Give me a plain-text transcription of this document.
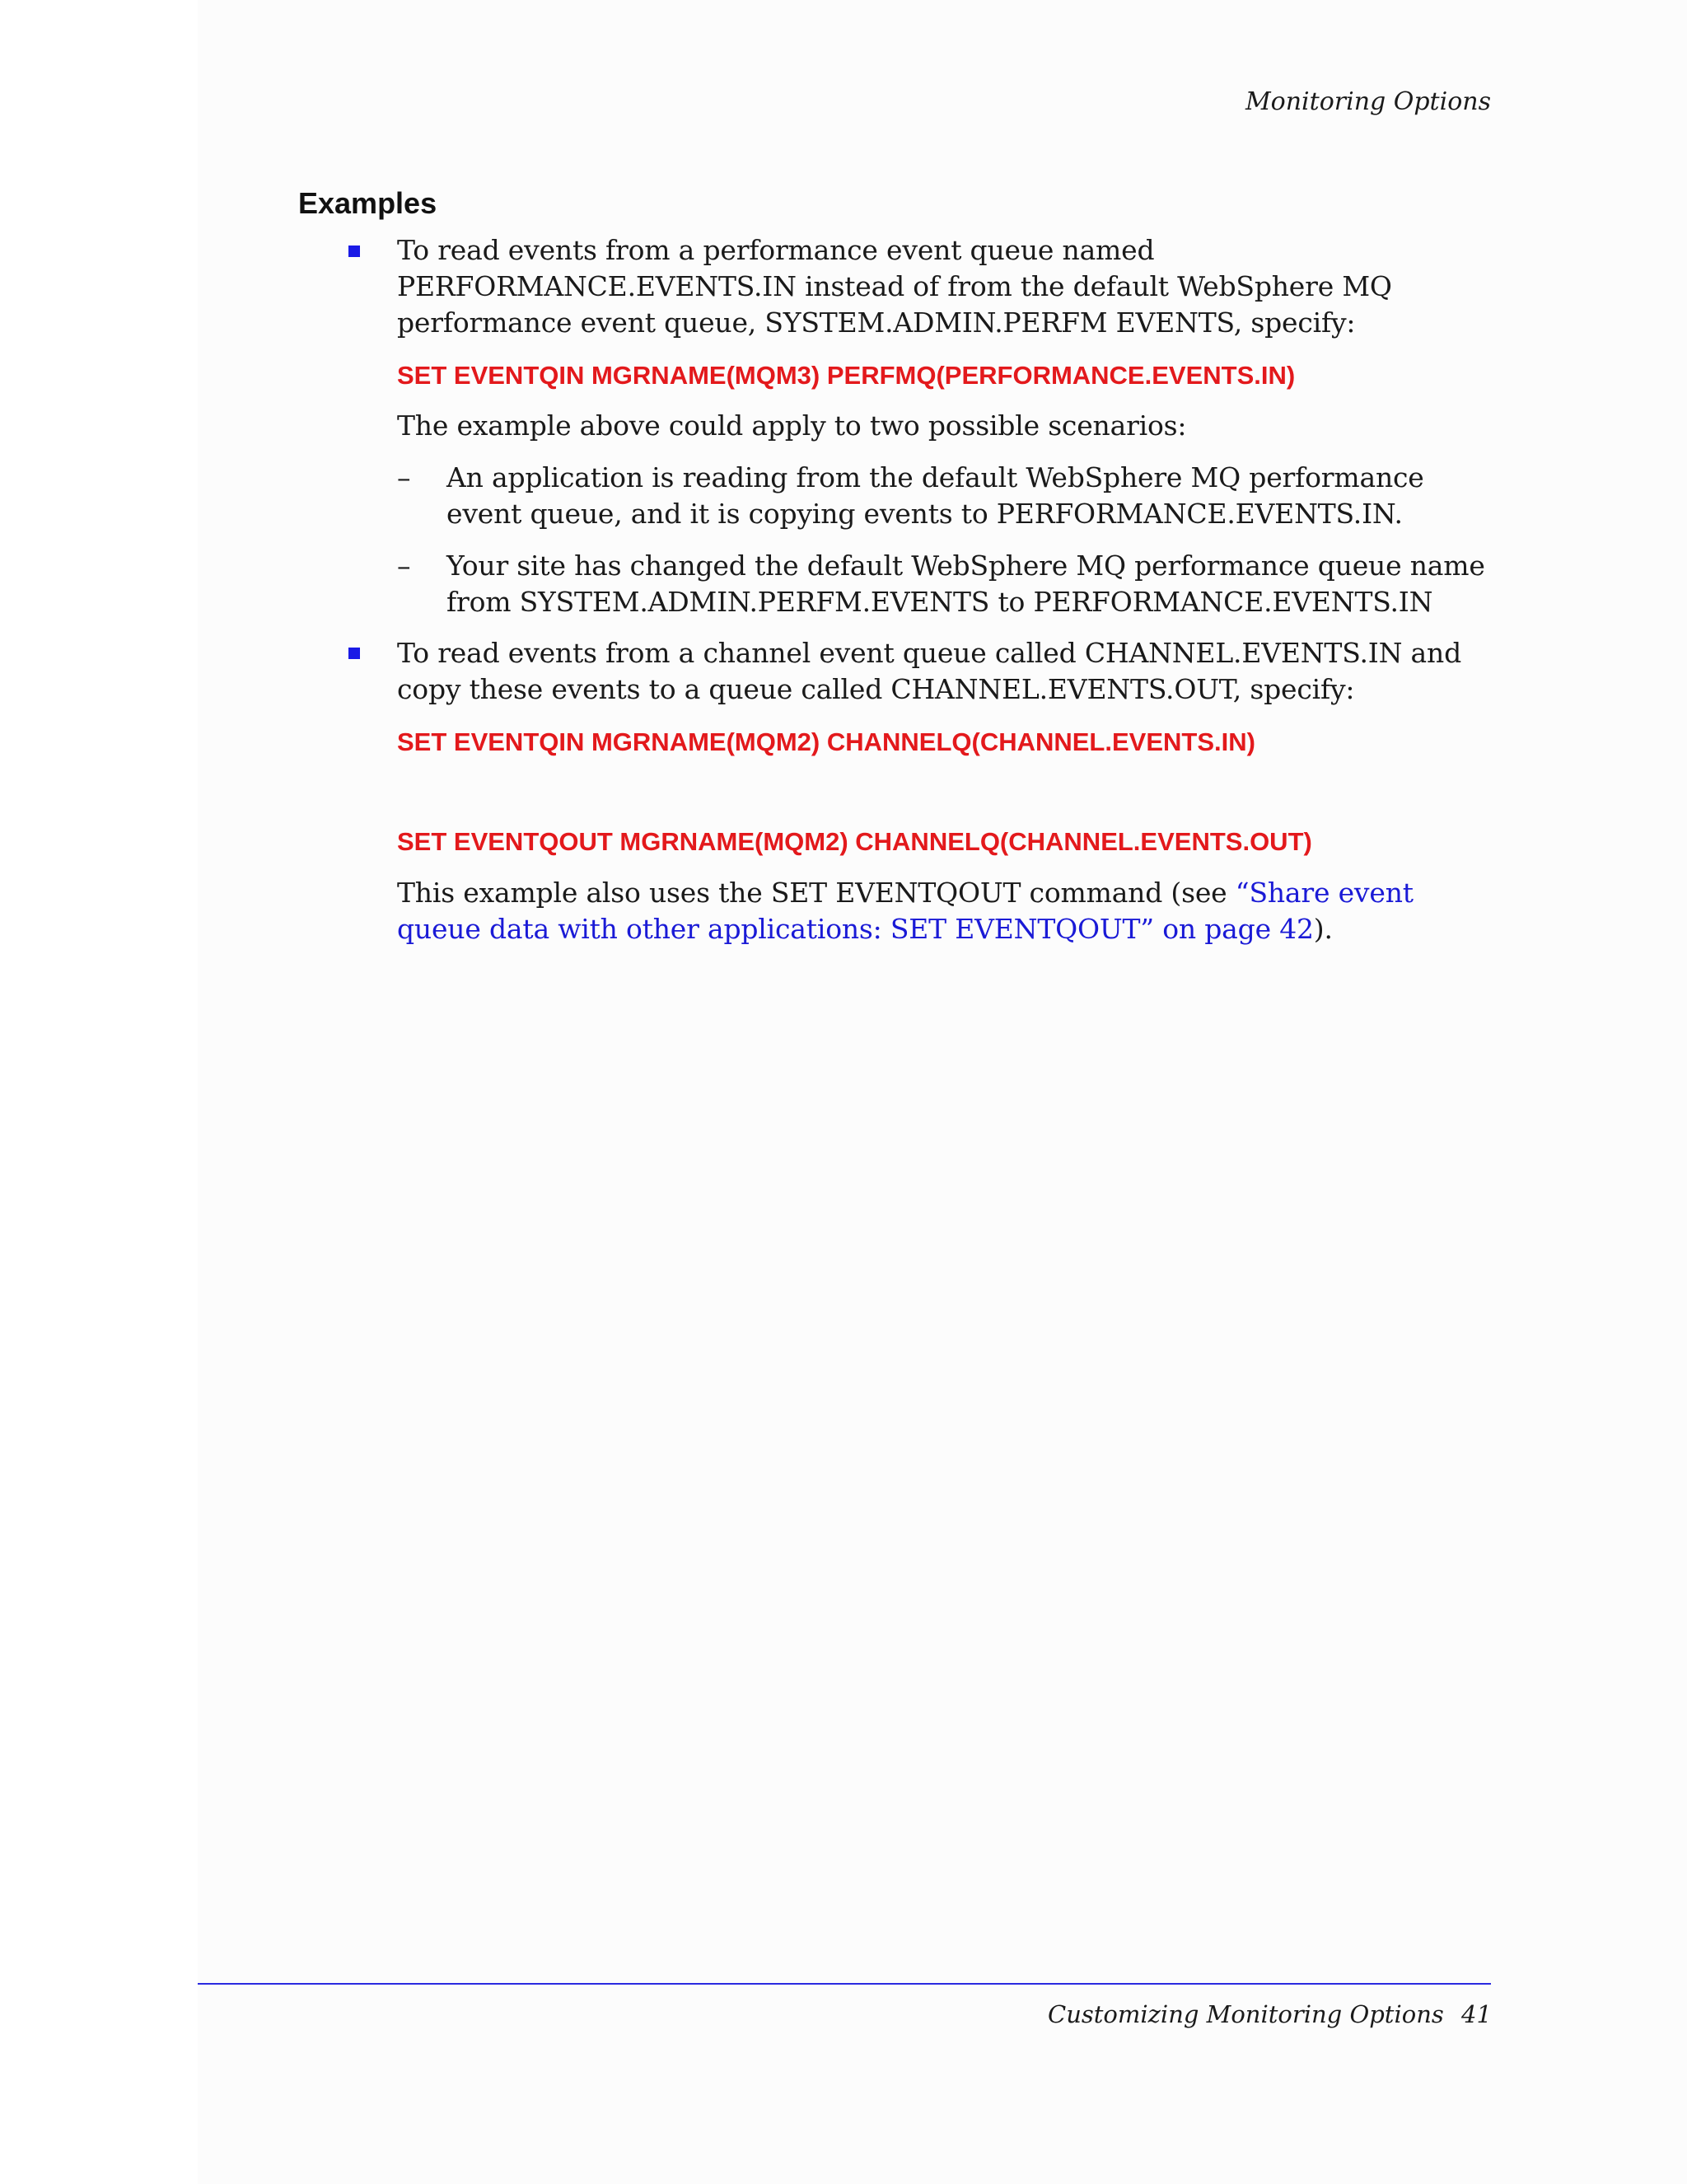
Monitoring Options
Examples

To read events from a performance event queue named PERFORMANCE.EVENTS.IN instead of from the default WebSphere MQ performance event queue, SYSTEM.ADMIN.PERFM EVENTS, specify:

SET EVENTQIN MGRNAME(MQM3) PERFMQ(PERFORMANCE.EVENTS.IN)

The example above could apply to two possible scenarios:

– An application is reading from the default WebSphere MQ performance event queue, and it is copying events to PERFORMANCE.EVENTS.IN.

– Your site has changed the default WebSphere MQ performance queue name from SYSTEM.ADMIN.PERFM.EVENTS to PERFORMANCE.EVENTS.IN

To read events from a channel event queue called CHANNEL.EVENTS.IN and copy these events to a queue called CHANNEL.EVENTS.OUT, specify:

SET EVENTQIN MGRNAME(MQM2) CHANNELQ(CHANNEL.EVENTS.IN)

SET EVENTQOUT MGRNAME(MQM2) CHANNELQ(CHANNEL.EVENTS.OUT)

This example also uses the SET EVENTQOUT command (see “Share event queue data with other applications: SET EVENTQOUT” on page 42).

Customizing Monitoring Options 41
